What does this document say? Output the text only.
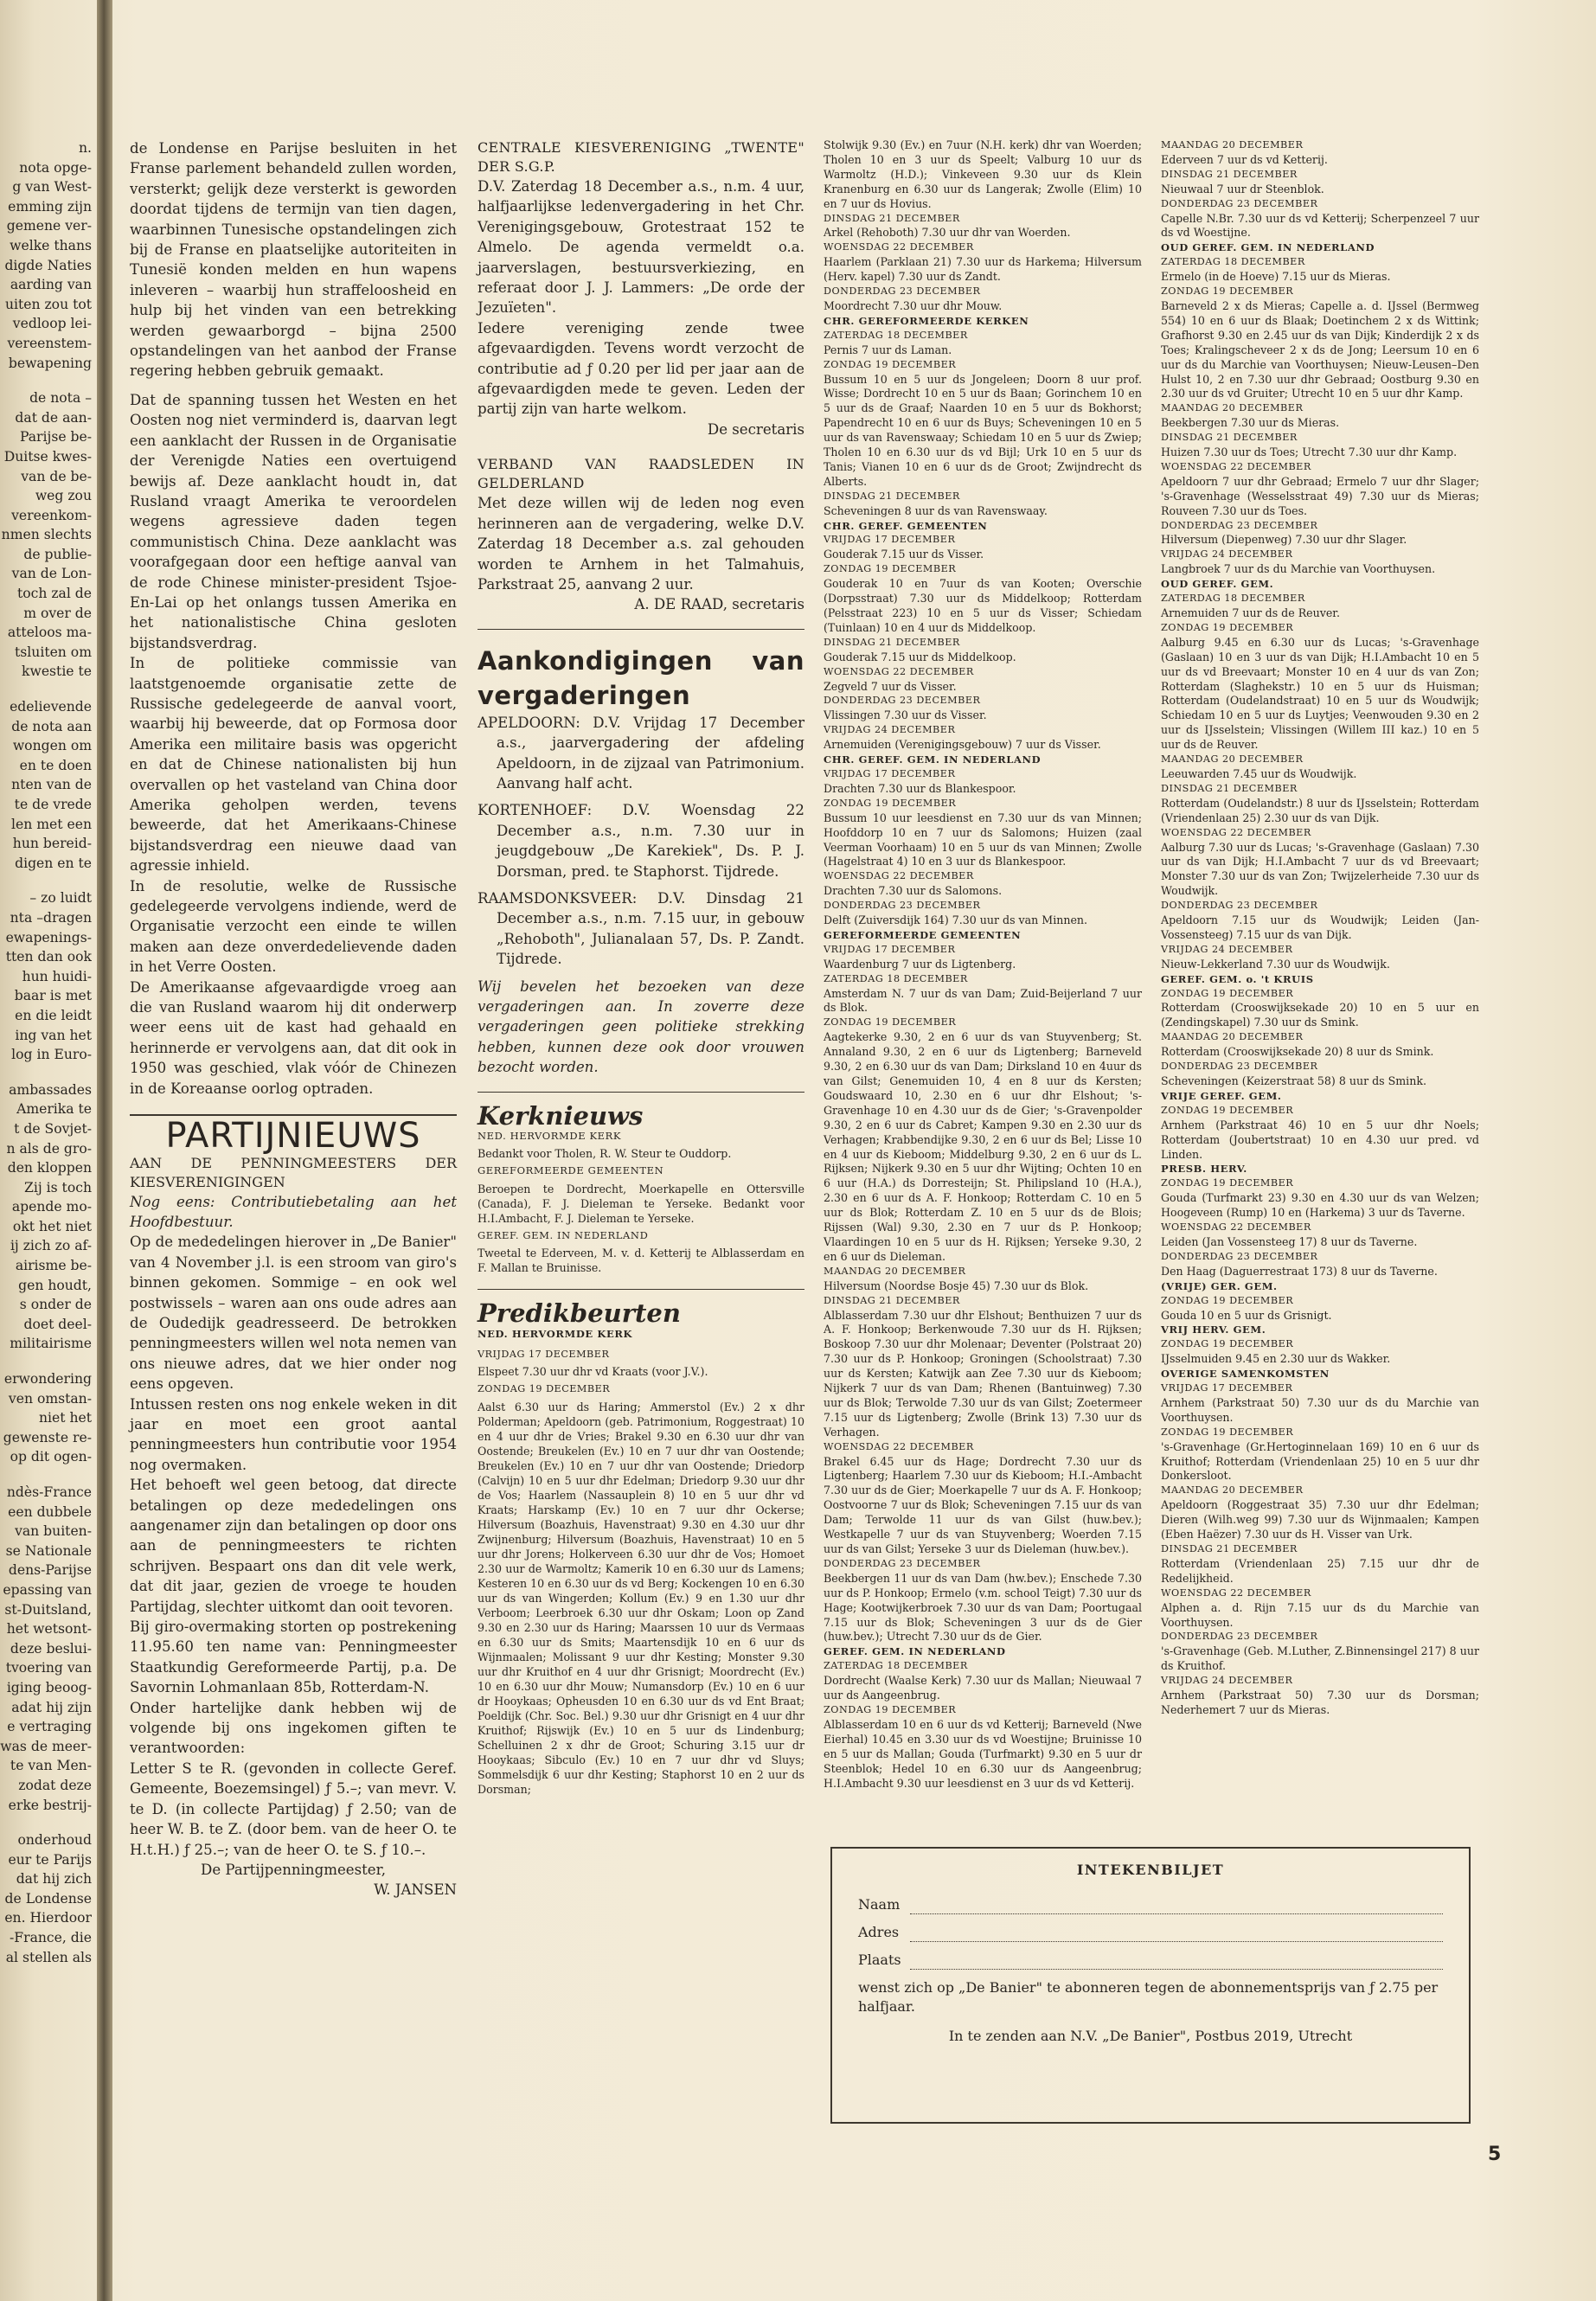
n.

nota opge-

g van West-

emming zijn

gemene ver-

welke thans

digde Naties

aarding van

uiten zou tot

vedloop lei-

vereenstem-

bewapening

de nota –

dat de aan-

Parijse be-

Duitse kwes-

van de be-

weg zou

vereenkom-

nmen slechts

de publie-

van de Lon-

toch zal de

m over de

atteloos ma-

tsluiten om

kwestie te

edelievende

de nota aan

wongen om

en te doen

nten van de

te de vrede

len met een

hun bereid-

digen en te

– zo luidt

nta –dragen

ewapenings-

tten dan ook

hun huidi-

baar is met

en die leidt

ing van het

log in Euro-

ambassades

Amerika te

t de Sovjet-

n als de gro-

den kloppen

Zij is toch

apende mo-

okt het niet

ij zich zo af-

airisme be-

gen houdt,

s onder de

doet deel-

militairisme

erwondering

ven omstan-

niet het

gewenste re-

op dit ogen-

ndès-France

een dubbele

van buiten-

se Nationale

dens-Parijse

epassing van

st-Duitsland,

het wetsont-

deze beslui-

tvoering van

iging beoog-

adat hij zijn

e vertraging

was de meer-

te van Men-

zodat deze

erke bestrij-

onderhoud

eur te Parijs

dat hij zich

de Londense

en. Hierdoor

-France, die

al stellen als

de Londense en Parijse besluiten in het Franse parlement behandeld zullen worden, versterkt; gelijk deze versterkt is geworden doordat tijdens de termijn van tien dagen, waarbinnen Tunesische opstandelingen zich bij de Franse en plaatselijke autoriteiten in Tunesië konden melden en hun wapens inleveren – waarbij hun straffeloosheid en hulp bij het vinden van een betrekking werden gewaarborgd – bijna 2500 opstandelingen van het aanbod der Franse regering hebben gebruik gemaakt.

Dat de spanning tussen het Westen en het Oosten nog niet verminderd is, daarvan legt een aanklacht der Russen in de Organisatie der Verenigde Naties een overtuigend bewijs af. Deze aanklacht houdt in, dat Rusland vraagt Amerika te veroordelen wegens agressieve daden tegen communistisch China. Deze aanklacht was voorafgegaan door een heftige aanval van de rode Chinese minister-president Tsjoe-En-Lai op het onlangs tussen Amerika en het nationalistische China gesloten bijstandsverdrag.

In de politieke commissie van laatstgenoemde organisatie zette de Russische gedelegeerde de aanval voort, waarbij hij beweerde, dat op Formosa door Amerika een militaire basis was opgericht en dat de Chinese nationalisten bij hun overvallen op het vasteland van China door Amerika geholpen werden, tevens beweerde, dat het Amerikaans-Chinese bijstandsverdrag een nieuwe daad van agressie inhield.

In de resolutie, welke de Russische gedelegeerde vervolgens indiende, werd de Organisatie verzocht een einde te willen maken aan deze onverdedelievende daden in het Verre Oosten.

De Amerikaanse afgevaardigde vroeg aan die van Rusland waarom hij dit onderwerp weer eens uit de kast had gehaald en herinnerde er vervolgens aan, dat dit ook in 1950 was geschied, vlak vóór de Chinezen in de Koreaanse oorlog optraden.

PARTIJNIEUWS

AAN DE PENNINGMEESTERS DER KIESVERENIGINGEN

Nog eens: Contributiebetaling aan het Hoofdbestuur.

Op de mededelingen hierover in „De Banier" van 4 November j.l. is een stroom van giro's binnen gekomen. Sommige – en ook wel postwissels – waren aan ons oude adres aan de Oudedijk geadresseerd. De betrokken penningmeesters willen wel nota nemen van ons nieuwe adres, dat we hier onder nog eens opgeven.

Intussen resten ons nog enkele weken in dit jaar en moet een groot aantal penningmeesters hun contributie voor 1954 nog overmaken.

Het behoeft wel geen betoog, dat directe betalingen op deze mededelingen ons aangenamer zijn dan betalingen op door ons aan de penningmeesters te richten schrijven. Bespaart ons dan dit vele werk, dat dit jaar, gezien de vroege te houden Partijdag, slechter uitkomt dan ooit tevoren.

Bij giro-overmaking storten op postrekening 11.95.60 ten name van: Penningmeester Staatkundig Gereformeerde Partij, p.a. De Savornin Lohmanlaan 85b, Rotterdam-N.

Onder hartelijke dank hebben wij de volgende bij ons ingekomen giften te verantwoorden:

Letter S te R. (gevonden in collecte Geref. Gemeente, Boezemsingel) ƒ 5.–; van mevr. V. te D. (in collecte Partijdag) ƒ 2.50; van de heer W. B. te Z. (door bem. van de heer O. te H.t.H.) ƒ 25.–; van de heer O. te S. ƒ 10.–.

De Partijpenningmeester,

W. JANSEN

CENTRALE KIESVERENIGING „TWENTE" DER S.G.P.

D.V. Zaterdag 18 December a.s., n.m. 4 uur, halfjaarlijkse ledenvergadering in het Chr. Verenigingsgebouw, Grotestraat 152 te Almelo. De agenda vermeldt o.a. jaarverslagen, bestuursverkiezing, en referaat door J. J. Lammers: „De orde der Jezuïeten".

Iedere vereniging zende twee afgevaardigden. Tevens wordt verzocht de contributie ad ƒ 0.20 per lid per jaar aan de afgevaardigden mede te geven. Leden der partij zijn van harte welkom.

De secretaris

VERBAND VAN RAADSLEDEN IN GELDERLAND

Met deze willen wij de leden nog even herinneren aan de vergadering, welke D.V. Zaterdag 18 December a.s. zal gehouden worden te Arnhem in het Talmahuis, Parkstraat 25, aanvang 2 uur.

A. DE RAAD, secretaris

Aankondigingen van vergaderingen

APELDOORN: D.V. Vrijdag 17 December a.s., jaarvergadering der afdeling Apeldoorn, in de zijzaal van Patrimonium. Aanvang half acht.

KORTENHOEF: D.V. Woensdag 22 December a.s., n.m. 7.30 uur in jeugdgebouw „De Karekiek", Ds. P. J. Dorsman, pred. te Staphorst. Tijdrede.

RAAMSDONKSVEER: D.V. Dinsdag 21 December a.s., n.m. 7.15 uur, in gebouw „Rehoboth", Julianalaan 57, Ds. P. Zandt. Tijdrede.

Wij bevelen het bezoeken van deze vergaderingen aan. In zoverre deze vergaderingen geen politieke strekking hebben, kunnen deze ook door vrouwen bezocht worden.

Kerknieuws

NED. HERVORMDE KERK

Bedankt voor Tholen, R. W. Steur te Ouddorp.

GEREFORMEERDE GEMEENTEN

Beroepen te Dordrecht, Moerkapelle en Ottersville (Canada), F. J. Dieleman te Yerseke. Bedankt voor H.I.Ambacht, F. J. Dieleman te Yerseke.

GEREF. GEM. IN NEDERLAND

Tweetal te Ederveen, M. v. d. Ketterij te Alblasserdam en F. Mallan te Bruinisse.

Predikbeurten

NED. HERVORMDE KERK

VRIJDAG 17 DECEMBER

Elspeet 7.30 uur dhr vd Kraats (voor J.V.).

ZONDAG 19 DECEMBER

Aalst 6.30 uur ds Haring; Ammerstol (Ev.) 2 x dhr Polderman; Apeldoorn (geb. Patrimonium, Roggestraat) 10 en 4 uur dhr de Vries; Brakel 9.30 en 6.30 uur dhr van Oostende; Breukelen (Ev.) 10 en 7 uur dhr van Oostende; Breukelen (Ev.) 10 en 7 uur dhr van Oostende; Driedorp (Calvijn) 10 en 5 uur dhr Edelman; Driedorp 9.30 uur dhr de Vos; Haarlem (Nassauplein 8) 10 en 5 uur dhr vd Kraats; Harskamp (Ev.) 10 en 7 uur dhr Ockerse; Hilversum (Boazhuis, Havenstraat) 9.30 en 4.30 uur dhr Zwijnenburg; Hilversum (Boazhuis, Havenstraat) 10 en 5 uur dhr Jorens; Holkerveen 6.30 uur dhr de Vos; Homoet 2.30 uur de Warmoltz; Kamerik 10 en 6.30 uur ds Lamens; Kesteren 10 en 6.30 uur ds vd Berg; Kockengen 10 en 6.30 uur ds van Wingerden; Kollum (Ev.) 9 en 1.30 uur dhr Verboom; Leerbroek 6.30 uur dhr Oskam; Loon op Zand 9.30 en 2.30 uur ds Haring; Maarssen 10 uur ds Vermaas en 6.30 uur ds Smits; Maartensdijk 10 en 6 uur ds Wijnmaalen; Molissant 9 uur dhr Kesting; Monster 9.30 uur dhr Kruithof en 4 uur dhr Grisnigt; Moordrecht (Ev.) 10 en 6.30 uur dhr Mouw; Numansdorp (Ev.) 10 en 6 uur dr Hooykaas; Opheusden 10 en 6.30 uur ds vd Ent Braat; Poeldijk (Chr. Soc. Bel.) 9.30 uur dhr Grisnigt en 4 uur dhr Kruithof; Rijswijk (Ev.) 10 en 5 uur ds Lindenburg; Schelluinen 2 x dhr de Groot; Schuring 3.15 uur dr Hooykaas; Sibculo (Ev.) 10 en 7 uur dhr vd Sluys; Sommelsdijk 6 uur dhr Kesting; Staphorst 10 en 2 uur ds Dorsman;

Stolwijk 9.30 (Ev.) en 7uur (N.H. kerk) dhr van Woerden; Tholen 10 en 3 uur ds Speelt; Valburg 10 uur ds Warmoltz (H.D.); Vinkeveen 9.30 uur ds Klein Kranenburg en 6.30 uur ds Langerak; Zwolle (Elim) 10 en 7 uur ds Hovius.

DINSDAG 21 DECEMBER

Arkel (Rehoboth) 7.30 uur dhr van Woerden.

WOENSDAG 22 DECEMBER

Haarlem (Parklaan 21) 7.30 uur ds Harkema; Hilversum (Herv. kapel) 7.30 uur ds Zandt.

DONDERDAG 23 DECEMBER

Moordrecht 7.30 uur dhr Mouw.

CHR. GEREFORMEERDE KERKEN

ZATERDAG 18 DECEMBER

Pernis 7 uur ds Laman.

ZONDAG 19 DECEMBER

Bussum 10 en 5 uur ds Jongeleen; Doorn 8 uur prof. Wisse; Dordrecht 10 en 5 uur ds Baan; Gorinchem 10 en 5 uur ds de Graaf; Naarden 10 en 5 uur ds Bokhorst; Papendrecht 10 en 6 uur ds Buys; Scheveningen 10 en 5 uur ds van Ravenswaay; Schiedam 10 en 5 uur ds Zwiep; Tholen 10 en 6.30 uur ds vd Bijl; Urk 10 en 5 uur ds Tanis; Vianen 10 en 6 uur ds de Groot; Zwijndrecht ds Alberts.

DINSDAG 21 DECEMBER

Scheveningen 8 uur ds van Ravenswaay.

CHR. GEREF. GEMEENTEN

VRIJDAG 17 DECEMBER

Gouderak 7.15 uur ds Visser.

ZONDAG 19 DECEMBER

Gouderak 10 en 7uur ds van Kooten; Overschie (Dorpsstraat) 7.30 uur ds Middelkoop; Rotterdam (Pelsstraat 223) 10 en 5 uur ds Visser; Schiedam (Tuinlaan) 10 en 4 uur ds Middelkoop.

DINSDAG 21 DECEMBER

Gouderak 7.15 uur ds Middelkoop.

WOENSDAG 22 DECEMBER

Zegveld 7 uur ds Visser.

DONDERDAG 23 DECEMBER

Vlissingen 7.30 uur ds Visser.

VRIJDAG 24 DECEMBER

Arnemuiden (Verenigingsgebouw) 7 uur ds Visser.

CHR. GEREF. GEM. IN NEDERLAND

VRIJDAG 17 DECEMBER

Drachten 7.30 uur ds Blankespoor.

ZONDAG 19 DECEMBER

Bussum 10 uur leesdienst en 7.30 uur ds van Minnen; Hoofddorp 10 en 7 uur ds Salomons; Huizen (zaal Veerman Voorhaam) 10 en 5 uur ds van Minnen; Zwolle (Hagelstraat 4) 10 en 3 uur ds Blankespoor.

WOENSDAG 22 DECEMBER

Drachten 7.30 uur ds Salomons.

DONDERDAG 23 DECEMBER

Delft (Zuiversdijk 164) 7.30 uur ds van Minnen.

GEREFORMEERDE GEMEENTEN

VRIJDAG 17 DECEMBER

Waardenburg 7 uur ds Ligtenberg.

ZATERDAG 18 DECEMBER

Amsterdam N. 7 uur ds van Dam; Zuid-Beijerland 7 uur ds Blok.

ZONDAG 19 DECEMBER

Aagtekerke 9.30, 2 en 6 uur ds van Stuyvenberg; St. Annaland 9.30, 2 en 6 uur ds Ligtenberg; Barneveld 9.30, 2 en 6.30 uur ds van Dam; Dirksland 10 en 4uur ds van Gilst; Genemuiden 10, 4 en 8 uur ds Kersten; Goudswaard 10, 2.30 en 6 uur dhr Elshout; 's-Gravenhage 10 en 4.30 uur ds de Gier; 's-Gravenpolder 9.30, 2 en 6 uur ds Cabret; Kampen 9.30 en 2.30 uur ds Verhagen; Krabbendijke 9.30, 2 en 6 uur ds Bel; Lisse 10 en 4 uur ds Kieboom; Middelburg 9.30, 2 en 6 uur ds L. Rijksen; Nijkerk 9.30 en 5 uur dhr Wijting; Ochten 10 en 6 uur (H.A.) ds Dorresteijn; St. Philipsland 10 (H.A.), 2.30 en 6 uur ds A. F. Honkoop; Rotterdam C. 10 en 5 uur ds Blok; Rotterdam Z. 10 en 5 uur ds de Blois; Rijssen (Wal) 9.30, 2.30 en 7 uur ds P. Honkoop; Vlaardingen 10 en 5 uur ds H. Rijksen; Yerseke 9.30, 2 en 6 uur ds Dieleman.

MAANDAG 20 DECEMBER

Hilversum (Noordse Bosje 45) 7.30 uur ds Blok.

DINSDAG 21 DECEMBER

Alblasserdam 7.30 uur dhr Elshout; Benthuizen 7 uur ds A. F. Honkoop; Berkenwoude 7.30 uur ds H. Rijksen; Boskoop 7.30 uur dhr Molenaar; Deventer (Polstraat 20) 7.30 uur ds P. Honkoop; Groningen (Schoolstraat) 7.30 uur ds Kersten; Katwijk aan Zee 7.30 uur ds Kieboom; Nijkerk 7 uur ds van Dam; Rhenen (Bantuinweg) 7.30 uur ds Blok; Terwolde 7.30 uur ds van Gilst; Zoetermeer 7.15 uur ds Ligtenberg; Zwolle (Brink 13) 7.30 uur ds Verhagen.

WOENSDAG 22 DECEMBER

Brakel 6.45 uur ds Hage; Dordrecht 7.30 uur ds Ligtenberg; Haarlem 7.30 uur ds Kieboom; H.I.-Ambacht 7.30 uur ds de Gier; Moerkapelle 7 uur ds A. F. Honkoop; Oostvoorne 7 uur ds Blok; Scheveningen 7.15 uur ds van Dam; Terwolde 11 uur ds van Gilst (huw.bev.); Westkapelle 7 uur ds van Stuyvenberg; Woerden 7.15 uur ds van Gilst; Yerseke 3 uur ds Dieleman (huw.bev.).

DONDERDAG 23 DECEMBER

Beekbergen 11 uur ds van Dam (hw.bev.); Enschede 7.30 uur ds P. Honkoop; Ermelo (v.m. school Teigt) 7.30 uur ds Hage; Kootwijkerbroek 7.30 uur ds van Dam; Poortugaal 7.15 uur ds Blok; Scheveningen 3 uur ds de Gier (huw.bev.); Utrecht 7.30 uur ds de Gier.

GEREF. GEM. IN NEDERLAND

ZATERDAG 18 DECEMBER

Dordrecht (Waalse Kerk) 7.30 uur ds Mallan; Nieuwaal 7 uur ds Aangeenbrug.

ZONDAG 19 DECEMBER

Alblasserdam 10 en 6 uur ds vd Ketterij; Barneveld (Nwe Eierhal) 10.45 en 3.30 uur ds vd Woestijne; Bruinisse 10 en 5 uur ds Mallan; Gouda (Turfmarkt) 9.30 en 5 uur dr Steenblok; Hedel 10 en 6.30 uur ds Aangeenbrug; H.I.Ambacht 9.30 uur leesdienst en 3 uur ds vd Ketterij.

MAANDAG 20 DECEMBER

Ederveen 7 uur ds vd Ketterij.

DINSDAG 21 DECEMBER

Nieuwaal 7 uur dr Steenblok.

DONDERDAG 23 DECEMBER

Capelle N.Br. 7.30 uur ds vd Ketterij; Scherpenzeel 7 uur ds vd Woestijne.

OUD GEREF. GEM. IN NEDERLAND

ZATERDAG 18 DECEMBER

Ermelo (in de Hoeve) 7.15 uur ds Mieras.

ZONDAG 19 DECEMBER

Barneveld 2 x ds Mieras; Capelle a. d. IJssel (Bermweg 554) 10 en 6 uur ds Blaak; Doetinchem 2 x ds Wittink; Grafhorst 9.30 en 2.45 uur ds van Dijk; Kinderdijk 2 x ds Toes; Kralingscheveer 2 x ds de Jong; Leersum 10 en 6 uur ds du Marchie van Voorthuysen; Nieuw-Leusen–Den Hulst 10, 2 en 7.30 uur dhr Gebraad; Oostburg 9.30 en 2.30 uur ds vd Gruiter; Utrecht 10 en 5 uur dhr Kamp.

MAANDAG 20 DECEMBER

Beekbergen 7.30 uur ds Mieras.

DINSDAG 21 DECEMBER

Huizen 7.30 uur ds Toes; Utrecht 7.30 uur dhr Kamp.

WOENSDAG 22 DECEMBER

Apeldoorn 7 uur dhr Gebraad; Ermelo 7 uur dhr Slager; 's-Gravenhage (Wesselsstraat 49) 7.30 uur ds Mieras; Rouveen 7.30 uur ds Toes.

DONDERDAG 23 DECEMBER

Hilversum (Diepenweg) 7.30 uur dhr Slager.

VRIJDAG 24 DECEMBER

Langbroek 7 uur ds du Marchie van Voorthuysen.

OUD GEREF. GEM.

ZATERDAG 18 DECEMBER

Arnemuiden 7 uur ds de Reuver.

ZONDAG 19 DECEMBER

Aalburg 9.45 en 6.30 uur ds Lucas; 's-Gravenhage (Gaslaan) 10 en 3 uur ds van Dijk; H.I.Ambacht 10 en 5 uur ds vd Breevaart; Monster 10 en 4 uur ds van Zon; Rotterdam (Slaghekstr.) 10 en 5 uur ds Huisman; Rotterdam (Oudelandstraat) 10 en 5 uur ds Woudwijk; Schiedam 10 en 5 uur ds Luytjes; Veenwouden 9.30 en 2 uur ds IJsselstein; Vlissingen (Willem III kaz.) 10 en 5 uur ds de Reuver.

MAANDAG 20 DECEMBER

Leeuwarden 7.45 uur ds Woudwijk.

DINSDAG 21 DECEMBER

Rotterdam (Oudelandstr.) 8 uur ds IJsselstein; Rotterdam (Vriendenlaan 25) 2.30 uur ds van Dijk.

WOENSDAG 22 DECEMBER

Aalburg 7.30 uur ds Lucas; 's-Gravenhage (Gaslaan) 7.30 uur ds van Dijk; H.I.Ambacht 7 uur ds vd Breevaart; Monster 7.30 uur ds van Zon; Twijzelerheide 7.30 uur ds Woudwijk.

DONDERDAG 23 DECEMBER

Apeldoorn 7.15 uur ds Woudwijk; Leiden (Jan-Vossensteeg) 7.15 uur ds van Dijk.

VRIJDAG 24 DECEMBER

Nieuw-Lekkerland 7.30 uur ds Woudwijk.

GEREF. GEM. o. 't KRUIS

ZONDAG 19 DECEMBER

Rotterdam (Crooswijksekade 20) 10 en 5 uur en (Zendingskapel) 7.30 uur ds Smink.

MAANDAG 20 DECEMBER

Rotterdam (Crooswijksekade 20) 8 uur ds Smink.

DONDERDAG 23 DECEMBER

Scheveningen (Keizerstraat 58) 8 uur ds Smink.

VRIJE GEREF. GEM.

ZONDAG 19 DECEMBER

Arnhem (Parkstraat 46) 10 en 5 uur dhr Noels; Rotterdam (Joubertstraat) 10 en 4.30 uur pred. vd Linden.

PRESB. HERV.

ZONDAG 19 DECEMBER

Gouda (Turfmarkt 23) 9.30 en 4.30 uur ds van Welzen; Hoogeveen (Rump) 10 en (Harkema) 3 uur ds Taverne.

WOENSDAG 22 DECEMBER

Leiden (Jan Vossensteeg 17) 8 uur ds Taverne.

DONDERDAG 23 DECEMBER

Den Haag (Daguerrestraat 173) 8 uur ds Taverne.

(VRIJE) GER. GEM.

ZONDAG 19 DECEMBER

Gouda 10 en 5 uur ds Grisnigt.

VRIJ HERV. GEM.

ZONDAG 19 DECEMBER

IJsselmuiden 9.45 en 2.30 uur ds Wakker.

OVERIGE SAMENKOMSTEN

VRIJDAG 17 DECEMBER

Arnhem (Parkstraat 50) 7.30 uur ds du Marchie van Voorthuysen.

ZONDAG 19 DECEMBER

's-Gravenhage (Gr.Hertoginnelaan 169) 10 en 6 uur ds Kruithof; Rotterdam (Vriendenlaan 25) 10 en 5 uur dhr Donkersloot.

MAANDAG 20 DECEMBER

Apeldoorn (Roggestraat 35) 7.30 uur dhr Edelman; Dieren (Wilh.weg 99) 7.30 uur ds Wijnmaalen; Kampen (Eben Haëzer) 7.30 uur ds H. Visser van Urk.

DINSDAG 21 DECEMBER

Rotterdam (Vriendenlaan 25) 7.15 uur dhr de Redelijkheid.

WOENSDAG 22 DECEMBER

Alphen a. d. Rijn 7.15 uur ds du Marchie van Voorthuysen.

DONDERDAG 23 DECEMBER

's-Gravenhage (Geb. M.Luther, Z.Binnensingel 217) 8 uur ds Kruithof.

VRIJDAG 24 DECEMBER

Arnhem (Parkstraat 50) 7.30 uur ds Dorsman; Nederhemert 7 uur ds Mieras.

INTEKENBILJET

Naam
Adres
Plaats

wenst zich op „De Banier" te abonneren tegen de abonnementsprijs van ƒ 2.75 per halfjaar.

In te zenden aan N.V. „De Banier", Postbus 2019, Utrecht

5
